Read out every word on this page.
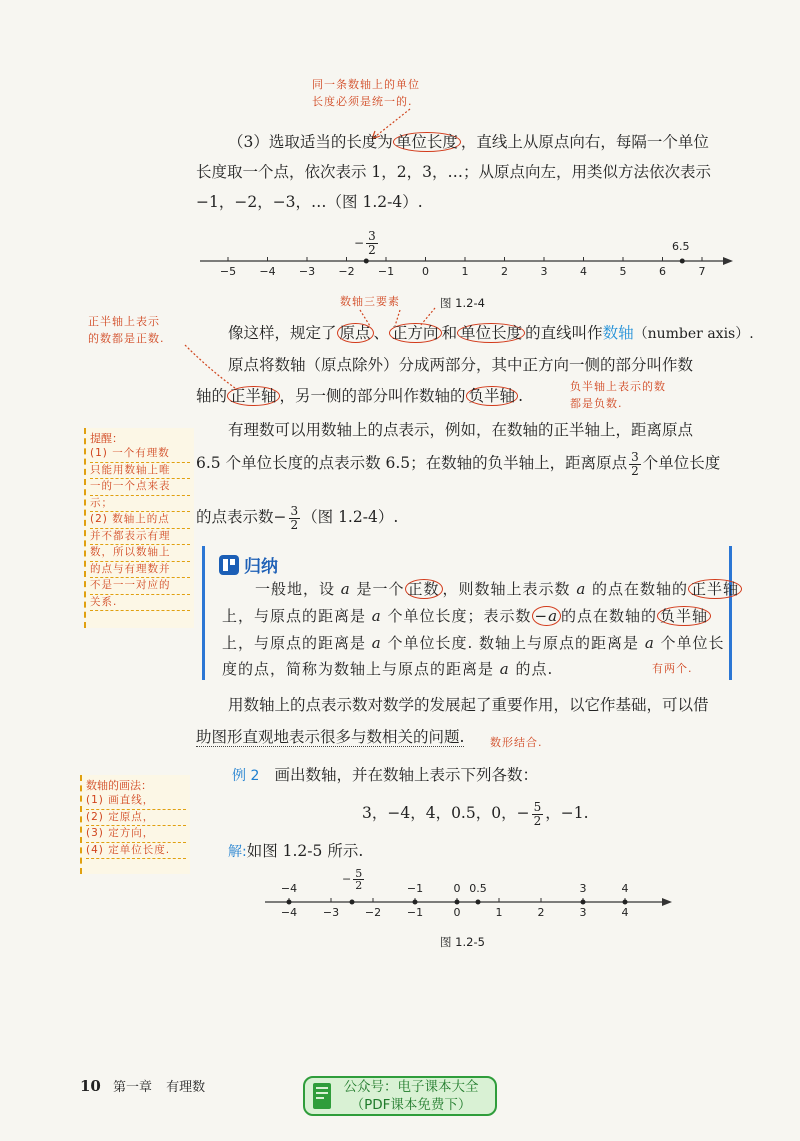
同一条数轴上的单位
长度必须是统一的.
（3）选取适当的长度为 单位长度 ，直线上从原点向右，每隔一个单位
长度取一个点，依次表示 1，2，3，…；从原点向左，用类似方法依次表示
−1，−2，−3，…（图 1.2-4）.
−5 −4 −3 −2 −1	0	1	2	3	4	5	6	7
− $\frac{3}{2}$	6.5
图 1.2-4
数轴三要素
正半轴上表示
的数都是正数.	像这样，规定了 原点 、 正方向 和 单位长度 的直线叫作数轴（number axis）.
原点将数轴（原点除外）分成两部分，其中正方向一侧的部分叫作数
轴的 正半轴 ，另一侧的部分叫作数轴的 负半轴 .
负半轴上表示的数
都是负数.
提醒：
(1) 一个有理数
只能用数轴上唯
一的一个点来表
示；
(2) 数轴上的点
并不都表示有理
数，所以数轴上
的点与有理数并
不是一一对应的
关系.
有理数可以用数轴上的点表示，例如，在数轴的正半轴上，距离原点
6.5 个单位长度的点表示数 6.5；在数轴的负半轴上，距离原点 $\frac{3}{2}$ 个单位长度
的点表示数− $\frac{3}{2}$ （图 1.2-4）.
归纳
一般地，设 a 是一个 正数 ，则数轴上表示数 a 的点在数轴的 正半轴
上，与原点的距离是 a 个单位长度；表示数 −a 的点在数轴的 负半轴
上，与原点的距离是 a 个单位长度. 数轴上与原点的距离是 a 个单位长
度的点，简称为数轴上与原点的距离是 a 的点.	有两个.
用数轴上的点表示数对数学的发展起了重要作用，以它作基础，可以借
助图形直观地表示很多与数相关的问题. 数形结合.
例 2 画出数轴，并在数轴上表示下列各数：
3，−4，4，0.5，0，− $\frac{5}{2}$ ，−1.
解:如图 1.2-5 所示.
数轴的画法：
(1) 画直线，
(2) 定原点，
(3) 定方向，
(4) 定单位长度.
−4 −3 −2 −1	0	1	2	3	4
−4	−1	0 0.5	3	4
− $\frac{5}{2}$
图 1.2-5
10 第一章 有理数	公众号：电子课本大全
（PDF课本免费下）
